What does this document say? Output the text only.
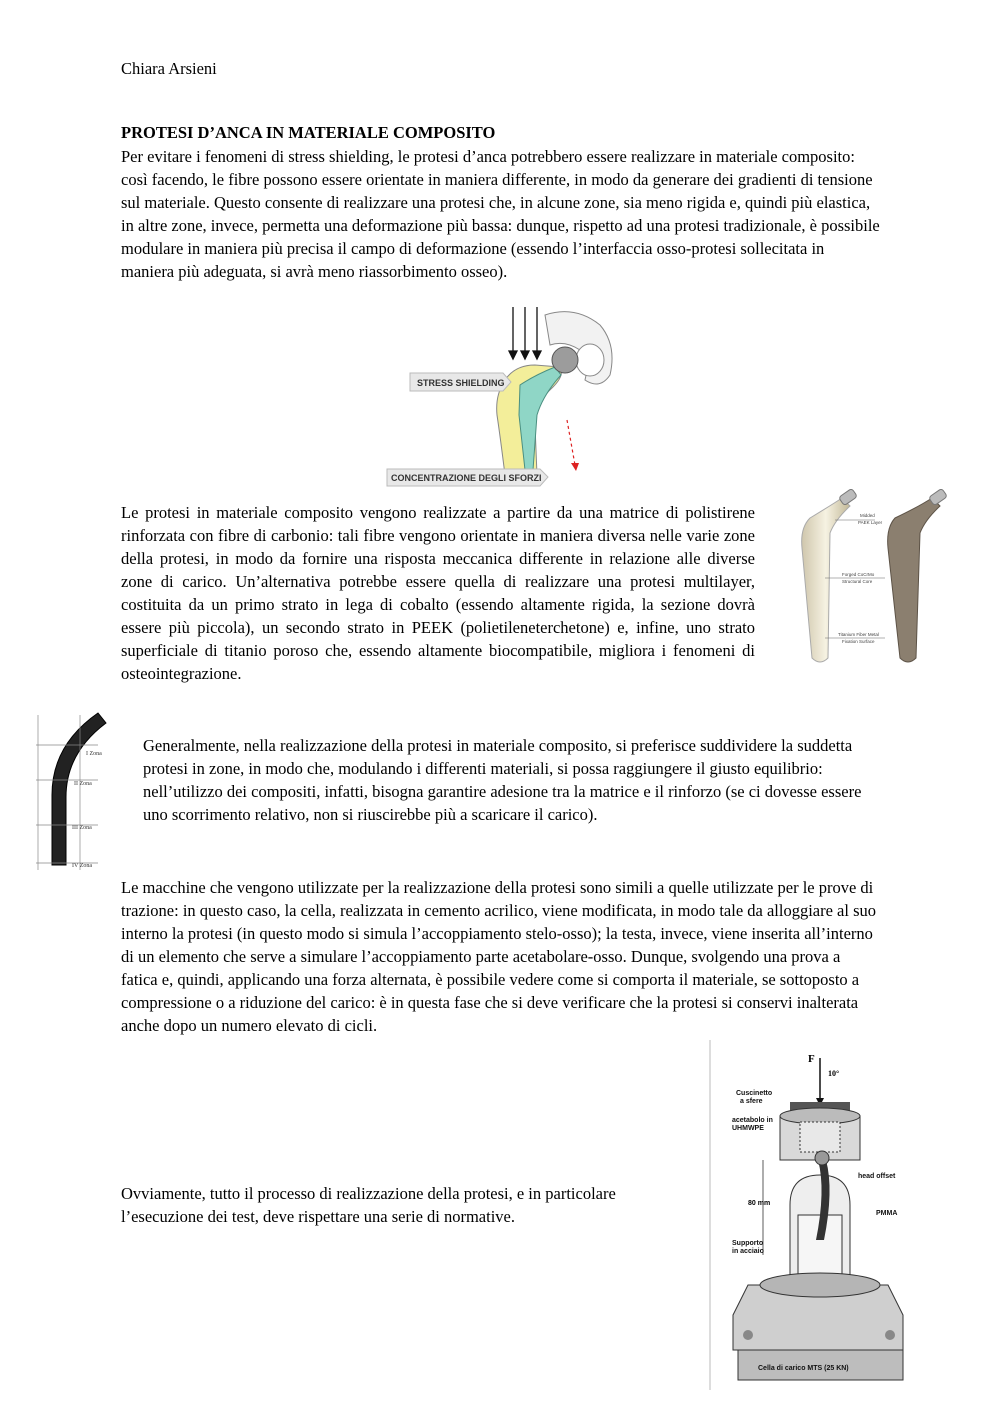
Chiara Arsieni
PROTESI D’ANCA IN MATERIALE COMPOSITO
Per evitare i fenomeni di stress shielding, le protesi d’anca potrebbero essere realizzare in materiale composito: così facendo, le fibre possono essere orientate in maniera differente, in modo da generare dei gradienti di tensione sul materiale. Questo consente di realizzare una protesi che, in alcune zone, sia meno rigida e, quindi più elastica, in altre zone, invece, permetta una deformazione più bassa: dunque, rispetto ad una protesi tradizionale, è possibile modulare in maniera più precisa il campo di deformazione (essendo l’interfaccia osso-protesi sollecitata in maniera più adeguata, si avrà meno riassorbimento osseo).
STRESS SHIELDING
CONCENTRAZIONE DEGLI SFORZI
Le protesi in materiale composito vengono realizzate a partire da una matrice di polistirene rinforzata con fibre di carbonio: tali fibre vengono orientate in maniera diversa nelle varie zone della protesi, in modo da fornire una risposta meccanica differente in relazione alle diverse zone di carico. Un’alternativa potrebbe essere quella di realizzare una protesi multilayer, costituita da un primo strato in lega di cobalto (essendo altamente rigida, la sezione dovrà essere più piccola), un secondo strato in PEEK (polietileneterchetone) e, infine, uno strato superficiale di titanio poroso che, essendo altamente biocompatibile, migliora i fenomeni di osteointegrazione.
Midded
PAEK Layer
Forged CoCrMo
Structural Core
Titanium Fiber Metal
Fixation Surface
I Zona
II Zona
III Zona
IV Zona
Generalmente, nella realizzazione della protesi in materiale composito, si preferisce suddividere la suddetta protesi in zone, in modo che, modulando i differenti materiali, si possa raggiungere il giusto equilibrio: nell’utilizzo dei compositi, infatti, bisogna garantire adesione tra la matrice e il rinforzo (se ci dovesse essere uno scorrimento relativo, non si riuscirebbe più a scaricare il carico).
Le macchine che vengono utilizzate per la realizzazione della protesi sono simili a quelle utilizzate per le prove di trazione: in questo caso, la cella, realizzata in cemento acrilico, viene modificata, in modo tale da alloggiare al suo interno la protesi (in questo modo si simula l’accoppiamento stelo-osso); la testa, invece, viene inserita all’interno di un elemento che serve a simulare l’accoppiamento parte acetabolare-osso. Dunque, svolgendo una prova a fatica e, quindi, applicando una forza alternata, è possibile vedere come si comporta il materiale, se sottoposto a compressione o a riduzione del carico: è in questa fase che si deve verificare che la protesi si conservi inalterata anche dopo un numero elevato di cicli.
Ovviamente, tutto il processo di realizzazione della protesi, e in particolare l’esecuzione dei test, deve rispettare una serie di normative.
F
10°
80 mm
Cuscinetto
a sfere
acetabolo in
UHMWPE
head offset
PMMA
Supporto
in acciaio
Cella di carico MTS (25 KN)
